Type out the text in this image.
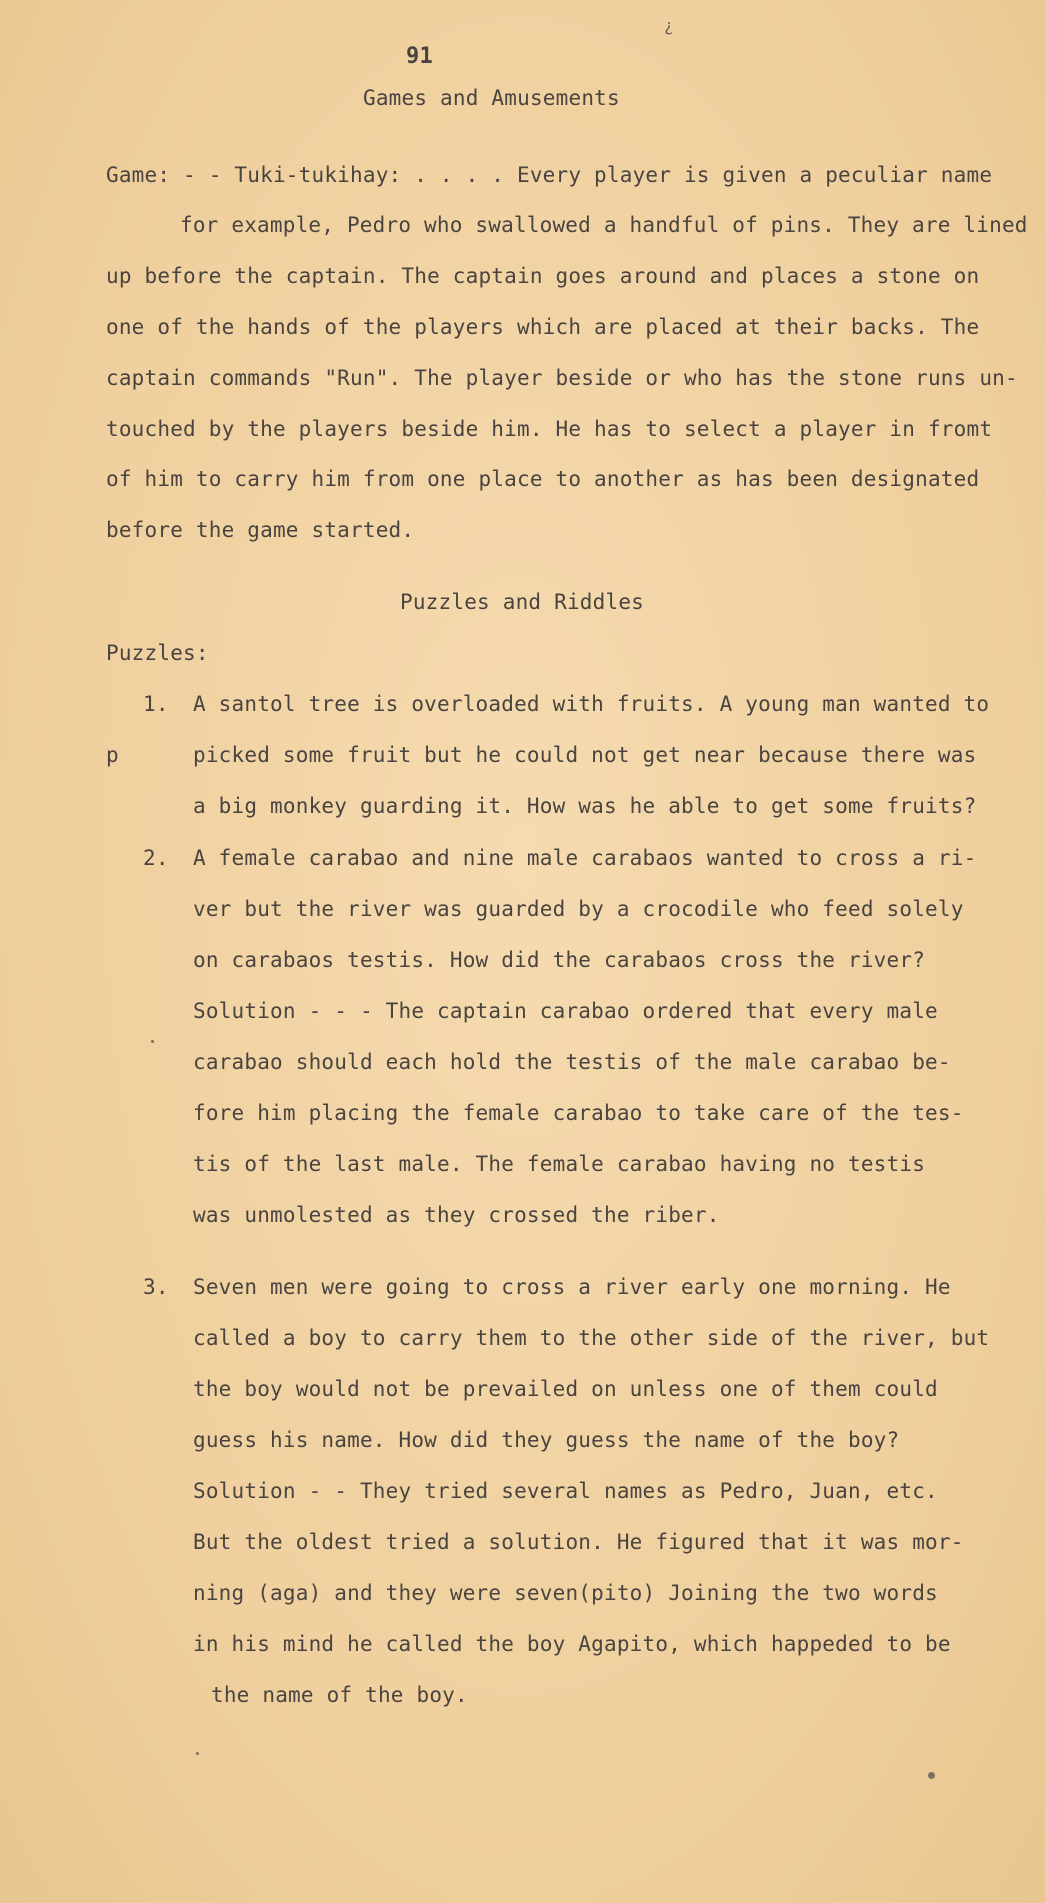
¿
91
Games and Amusements
Game: - - Tuki-tukihay: . . . . Every player is given a peculiar name
for example, Pedro who swallowed a handful of pins. They are lined
up before the captain. The captain goes around and places a stone on
one of the hands of the players which are placed at their backs. The
captain commands "Run". The player beside or who has the stone runs un-
touched by the players beside him. He has to select a player in fromt
of him to carry him from one place to another as has been designated
before the game started.
Puzzles and Riddles
Puzzles:
p
1. A santol tree is overloaded with fruits. A young man wanted to
picked some fruit but he could not get near because there was
a big monkey guarding it. How was he able to get some fruits?
2. A female carabao and nine male carabaos wanted to cross a ri-
ver but the river was guarded by a crocodile who feed solely
on carabaos testis. How did the carabaos cross the river?
Solution - - - The captain carabao ordered that every male
carabao should each hold the testis of the male carabao be-
fore him placing the female carabao to take care of the tes-
tis of the last male. The female carabao having no testis
was unmolested as they crossed the riber.
3. Seven men were going to cross a river early one morning. He
called a boy to carry them to the other side of the river, but
the boy would not be prevailed on unless one of them could
guess his name. How did they guess the name of the boy?
Solution - - They tried several names as Pedro, Juan, etc.
But the oldest tried a solution. He figured that it was mor-
ning (aga) and they were seven(pito) Joining the two words
in his mind he called the boy Agapito, which happeded to be
the name of the boy.
